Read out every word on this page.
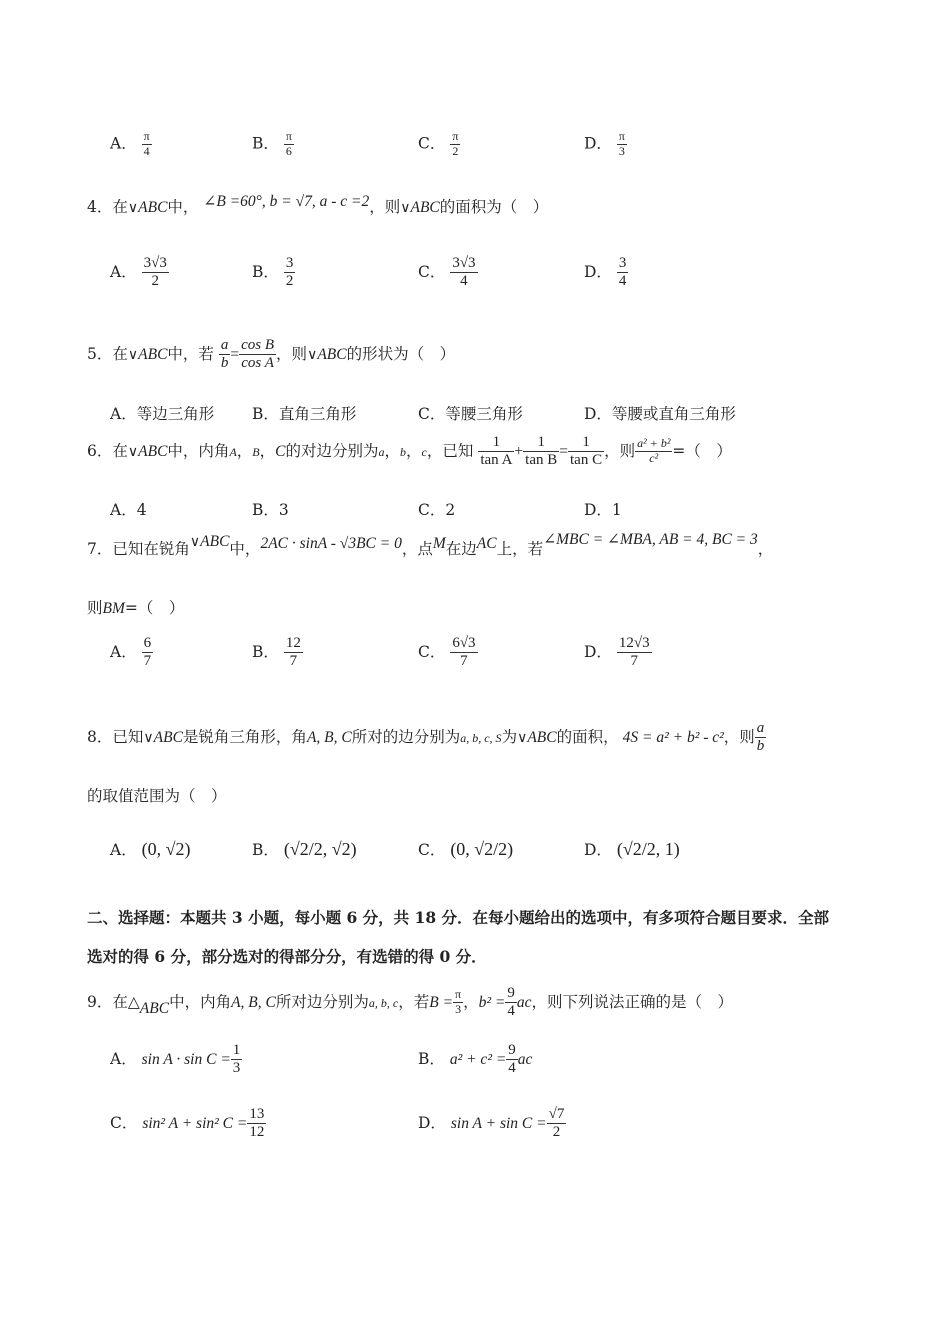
A． $\frac{\pi}{4}$	B． $\frac{\pi}{6}$	C． $\frac{\pi}{2}$	D． $\frac{\pi}{3}$
4．在∨ABC中， ∠B =60°, b = √7, a - c =2，则∨ABC的面积为（　）
A． $\frac{3√3}{2}$	B． $\frac{3}{2}$	C． $\frac{3√3}{4}$	D． $\frac{3}{4}$
5．在∨ABC中，若 $\frac{a}{b} = \frac{\text{cos B}}{\text{cos A}}$ ，则∨ABC的形状为（　）
A．等边三角形 B．直角三角形	C．等腰三角形	D．等腰或直角三角形
6．在∨ABC中，内角A，B，C的对边分别为a，b，c，已知 $\frac{1}{\text{tan A}} + \frac{1}{\text{tan B}} = \frac{1}{\text{tan C}}$ ，则 $\frac{\text{a² + b²}}{\text{c²}}$ =（　）
A．4	B．3	C．2	D．1
7．已知在锐角∨ABC中，2AC · sinA - √3BC = 0，点M在边AC上，若∠MBC = ∠MBA, AB = 4, BC = 3，
则BM=（　）
A． $\frac{6}{7}$	B． $\frac{12}{7}$	C． $\frac{6√3}{7}$	D． $\frac{12√3}{7}$
8．已知∨ABC是锐角三角形，角A, B, C所对的边分别为a, b, c, S为∨ABC的面积， 4S = a² + b² - c²，则 $\frac{a}{b}$
的取值范围为（　）
A． (0, √2)	B． (√2/2, √2)	C． (0, √2/2)	D． (√2/2, 1)
二、选择题：本题共 3 小题，每小题 6 分，共 18 分．在每小题给出的选项中，有多项符合题目要求．全部
选对的得 6 分，部分选对的得部分分，有选错的得 0 分．
9．在△ABC中，内角A, B, C所对边分别为a, b, c，若$B = \frac{\pi}{3}$ ，$b^2 = \frac{9}{4}$ ac，则下列说法正确的是（　）
A． $\sin A \cdot \sin C = \frac{1}{3}$	B． $a^2 + c^2 = \frac{9}{4}$ ac
C． sin² A + sin² $C = \frac{13}{12}$	D． $\sin A + \sin C = \frac{√7}{2}$
